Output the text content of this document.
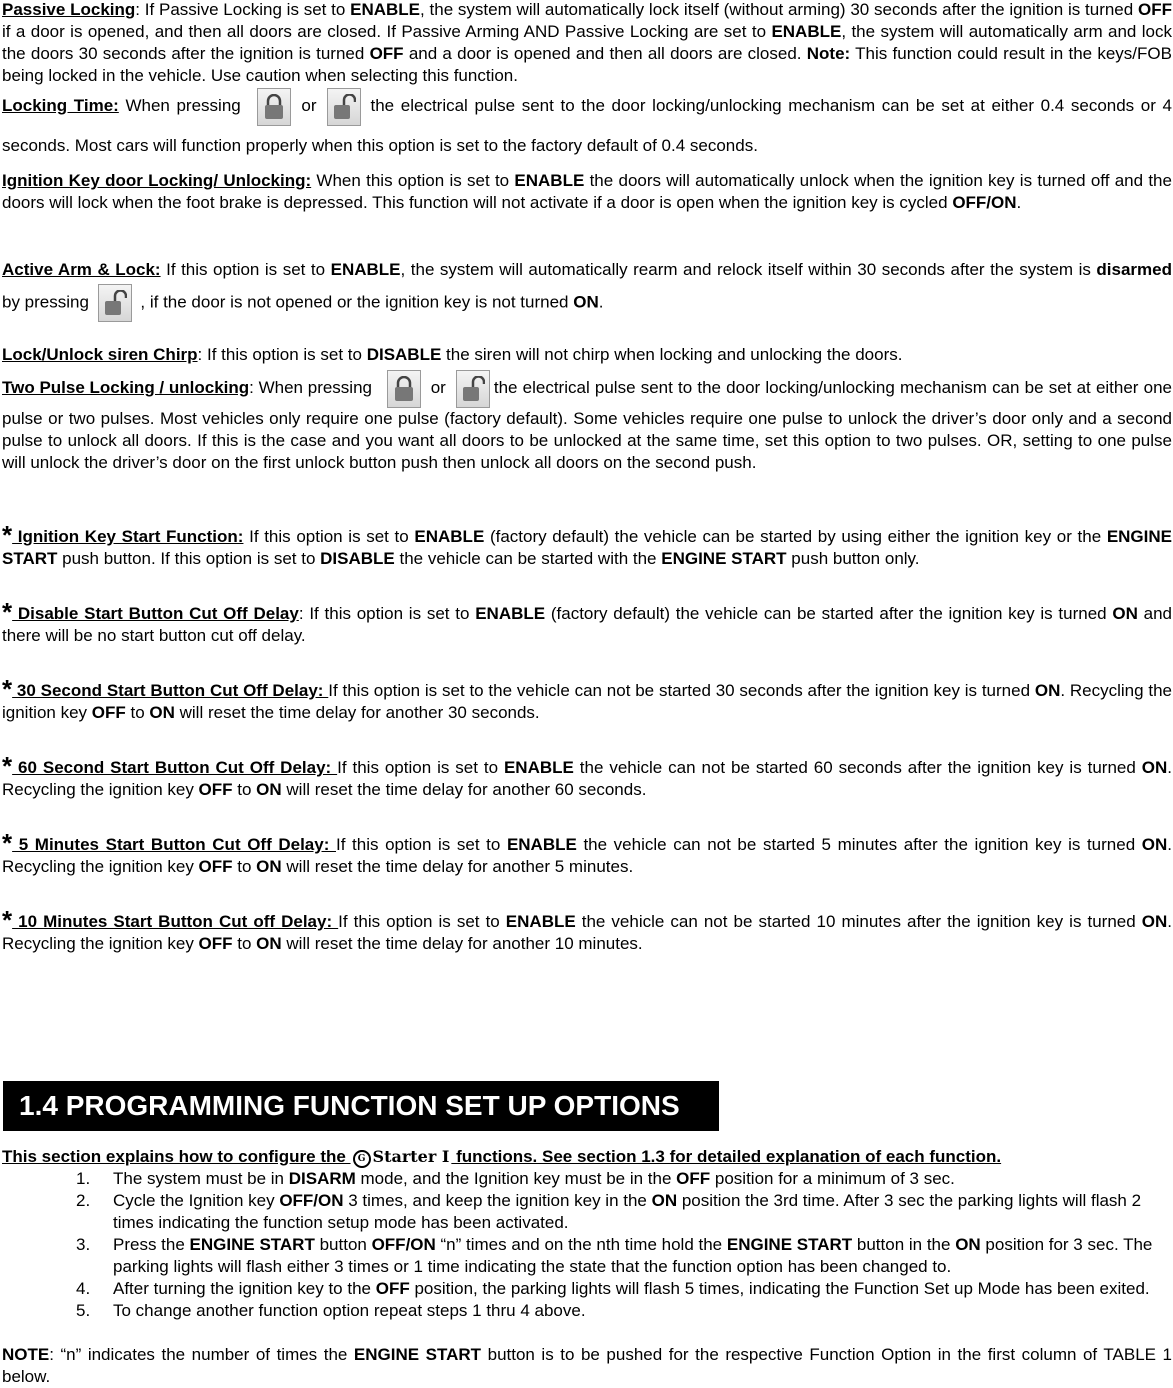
Passive Locking: If Passive Locking is set to ENABLE, the system will automatically lock itself (without arming) 30 seconds after the ignition is turned OFF if a door is opened, and then all doors are closed. If Passive Arming AND Passive Locking are set to ENABLE, the system will automatically arm and lock the doors 30 seconds after the ignition is turned OFF and a door is opened and then all doors are closed. Note: This function could result in the keys/FOB being locked in the vehicle. Use caution when selecting this function.

Locking Time: When pressing	or	the electrical pulse sent to the door locking/unlocking mechanism can be set at either 0.4 seconds or 4 seconds. Most cars will function properly when this option is set to the factory default of 0.4 seconds.

Ignition Key door Locking/ Unlocking: When this option is set to ENABLE the doors will automatically unlock when the ignition key is turned off and the doors will lock when the foot brake is depressed. This function will not activate if a door is open when the ignition key is cycled OFF/ON.

Active Arm & Lock: If this option is set to ENABLE, the system will automatically rearm and relock itself within 30 seconds after the system is disarmed by pressing
, if the door is not opened or the ignition key is not turned ON.

Lock/Unlock siren Chirp: If this option is set to DISABLE the siren will not chirp when locking and unlocking the doors.

Two Pulse Locking / unlocking: When pressing	or	the electrical pulse sent to the door locking/unlocking mechanism can be set at either one pulse or two pulses. Most vehicles only require one pulse (factory default). Some vehicles require one pulse to unlock the driver’s door only and a second pulse to unlock all doors. If this is the case and you want all doors to be unlocked at the same time, set this option to two pulses. OR, setting to one pulse will unlock the driver’s door on the first unlock button push then unlock all doors on the second push.

* Ignition Key Start Function: If this option is set to ENABLE (factory default) the vehicle can be started by using either the ignition key or the ENGINE START push button. If this option is set to DISABLE the vehicle can be started with the ENGINE START push button only.

* Disable Start Button Cut Off Delay: If this option is set to ENABLE (factory default) the vehicle can be started after the ignition key is turned ON and there will be no start button cut off delay.

* 30 Second Start Button Cut Off Delay: If this option is set to the vehicle can not be started 30 seconds after the ignition key is turned ON. Recycling the ignition key OFF to ON will reset the time delay for another 30 seconds.

* 60 Second Start Button Cut Off Delay: If this option is set to ENABLE the vehicle can not be started 60 seconds after the ignition key is turned ON. Recycling the ignition key OFF to ON will reset the time delay for another 60 seconds.

* 5 Minutes Start Button Cut Off Delay: If this option is set to ENABLE the vehicle can not be started 5 minutes after the ignition key is turned ON. Recycling the ignition key OFF to ON will reset the time delay for another 5 minutes.

* 10 Minutes Start Button Cut off Delay: If this option is set to ENABLE the vehicle can not be started 10 minutes after the ignition key is turned ON. Recycling the ignition key OFF to ON will reset the time delay for another 10 minutes.

1.4 PROGRAMMING FUNCTION SET UP OPTIONS

This section explains how to configure the G Starter I functions. See section 1.3 for detailed explanation of each function.

1. The system must be in DISARM mode, and the Ignition key must be in the OFF position for a minimum of 3 sec.
2. Cycle the Ignition key OFF/ON 3 times, and keep the ignition key in the ON position the 3rd time. After 3 sec the parking lights will flash 2 times indicating the function setup mode has been activated.
3. Press the ENGINE START button OFF/ON “n” times and on the nth time hold the ENGINE START button in the ON position for 3 sec. The parking lights will flash either 3 times or 1 time indicating the state that the function option has been changed to.
4. After turning the ignition key to the OFF position, the parking lights will flash 5 times, indicating the Function Set up Mode has been exited.
5. To change another function option repeat steps 1 thru 4 above.

NOTE: “n” indicates the number of times the ENGINE START button is to be pushed for the respective Function Option in the first column of TABLE 1 below.
